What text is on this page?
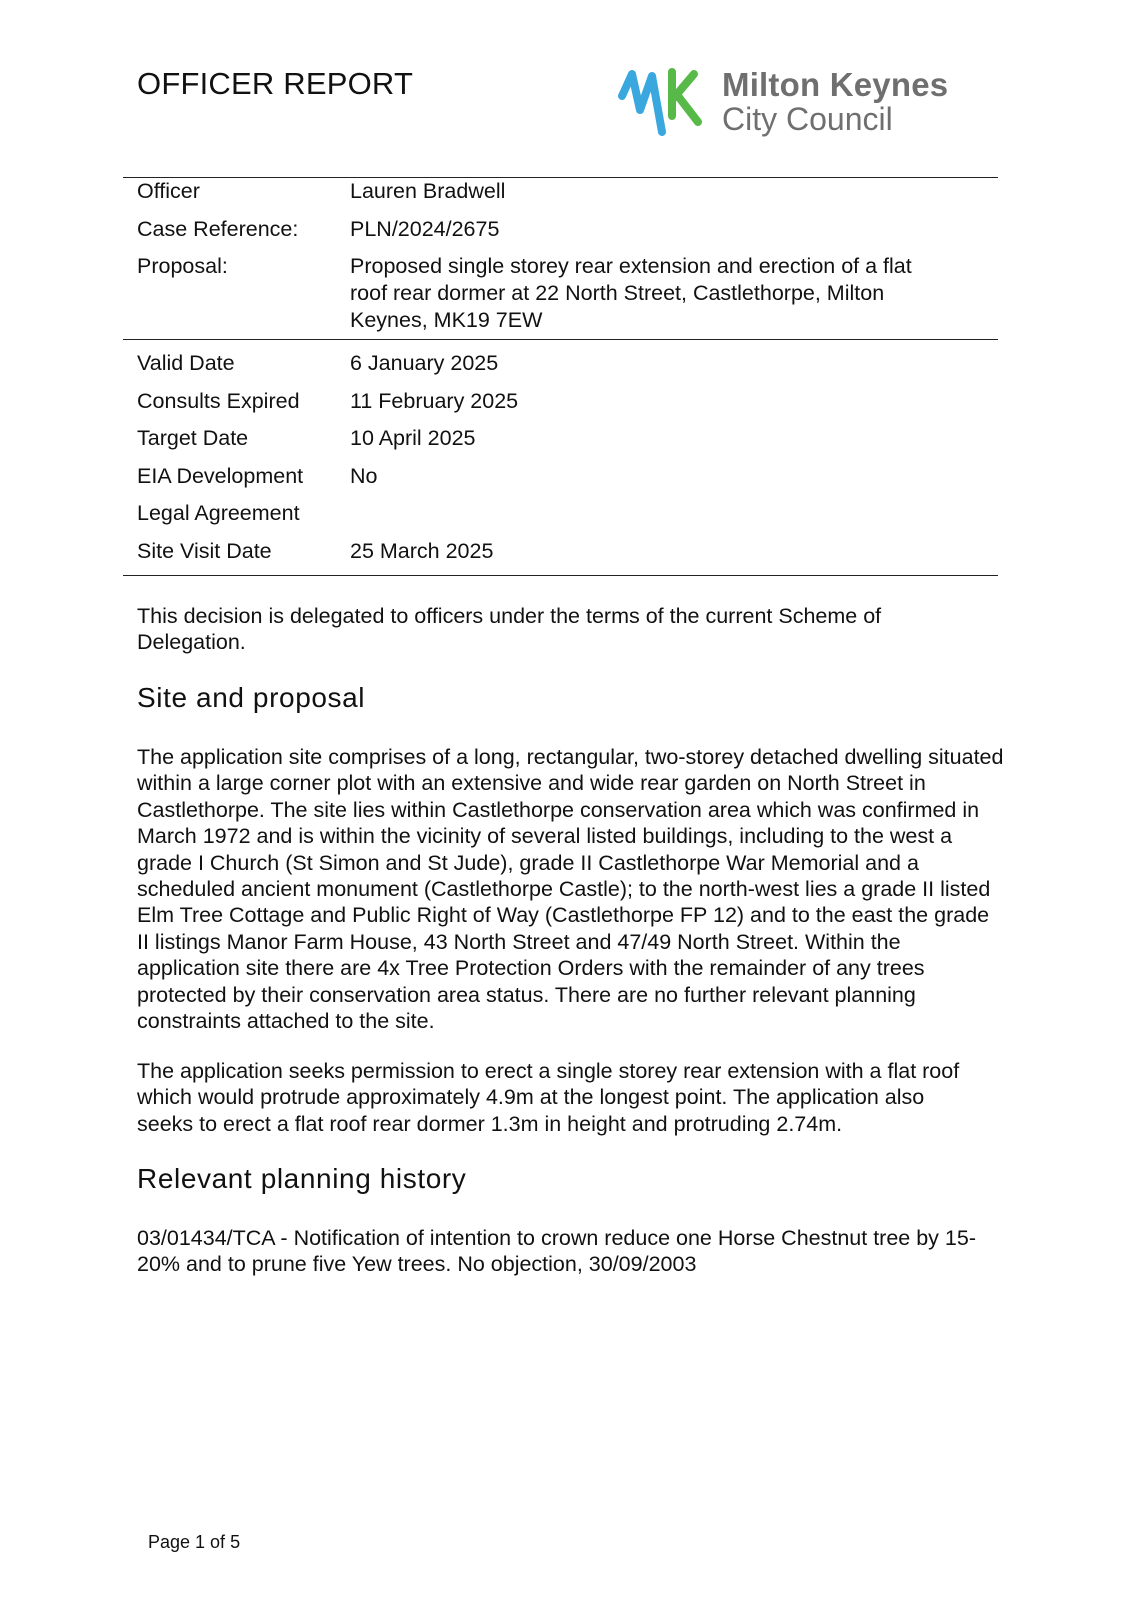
OFFICER REPORT	Milton Keynes
City Council
Officer	Lauren Bradwell
Case Reference:	PLN/2024/2675
Proposal:	Proposed single storey rear extension and erection of a flat roof rear dormer at 22 North Street, Castlethorpe, Milton Keynes, MK19 7EW
Valid Date	6 January 2025
Consults Expired	11 February 2025
Target Date	10 April 2025
EIA Development	No
Legal Agreement	
Site Visit Date	25 March 2025

This decision is delegated to officers under the terms of the current Scheme of Delegation.

Site and proposal

The application site comprises of a long, rectangular, two-storey detached dwelling situated within a large corner plot with an extensive and wide rear garden on North Street in Castlethorpe. The site lies within Castlethorpe conservation area which was confirmed in March 1972 and is within the vicinity of several listed buildings, including to the west a grade I Church (St Simon and St Jude), grade II Castlethorpe War Memorial and a scheduled ancient monument (Castlethorpe Castle); to the north-west lies a grade II listed Elm Tree Cottage and Public Right of Way (Castlethorpe FP 12) and to the east the grade II listings Manor Farm House, 43 North Street and 47/49 North Street. Within the application site there are 4x Tree Protection Orders with the remainder of any trees protected by their conservation area status. There are no further relevant planning constraints attached to the site.

The application seeks permission to erect a single storey rear extension with a flat roof which would protrude approximately 4.9m at the longest point. The application also seeks to erect a flat roof rear dormer 1.3m in height and protruding 2.74m.

Relevant planning history

03/01434/TCA - Notification of intention to crown reduce one Horse Chestnut tree by 15-20% and to prune five Yew trees. No objection, 30/09/2003

Page 1 of 5
